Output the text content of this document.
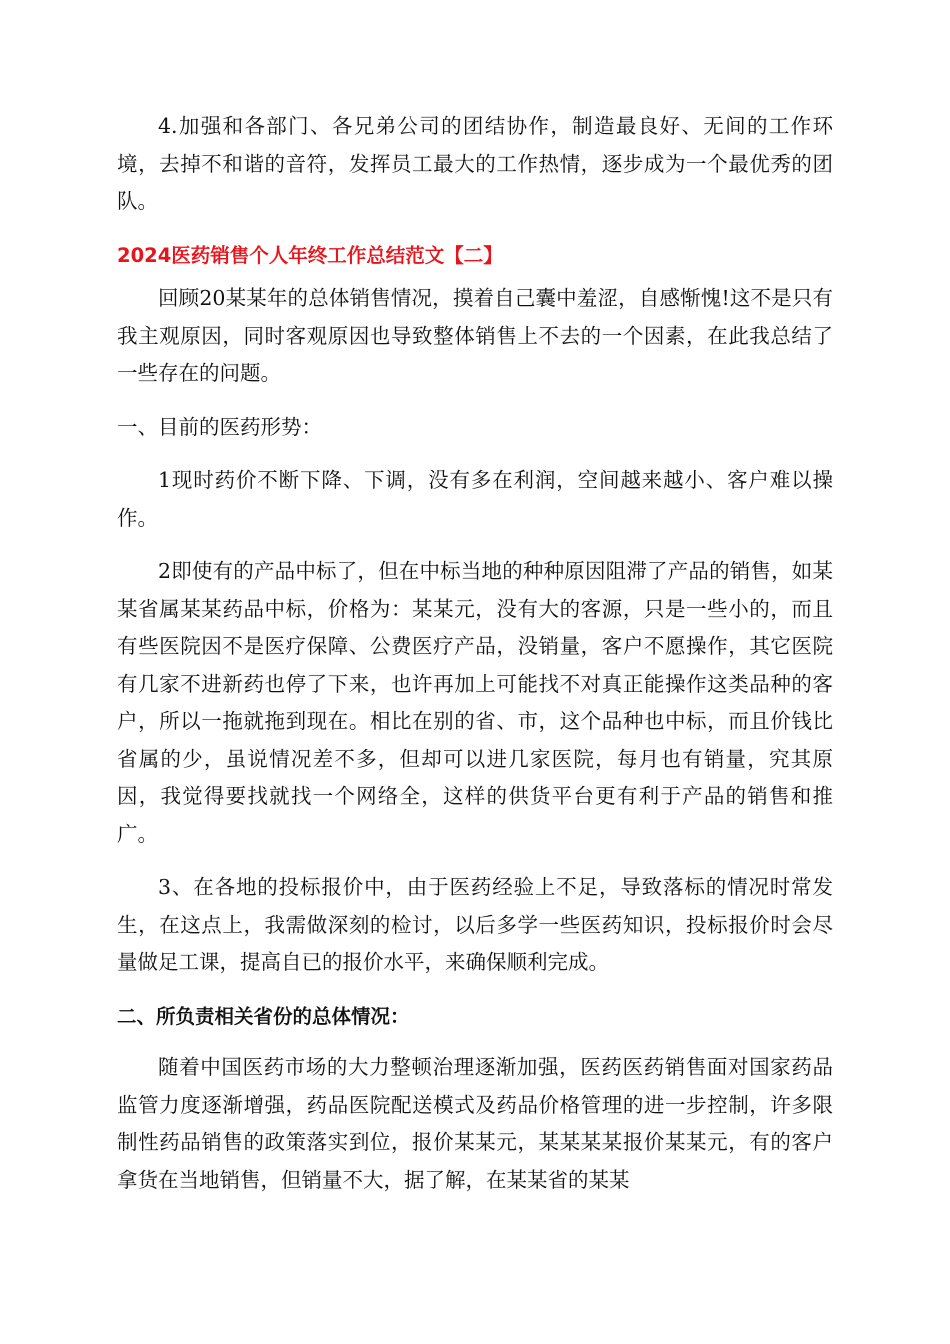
4.加强和各部门、各兄弟公司的团结协作，制造最良好、无间的工作环境，去掉不和谐的音符，发挥员工最大的工作热情，逐步成为一个最优秀的团队。

2024医药销售个人年终工作总结范文【二】

回顾20某某年的总体销售情况，摸着自己囊中羞涩，自感惭愧!这不是只有我主观原因，同时客观原因也导致整体销售上不去的一个因素，在此我总结了一些存在的问题。

一、目前的医药形势：

1现时药价不断下降、下调，没有多在利润，空间越来越小、客户难以操作。

2即使有的产品中标了，但在中标当地的种种原因阻滞了产品的销售，如某某省属某某药品中标，价格为：某某元，没有大的客源，只是一些小的，而且有些医院因不是医疗保障、公费医疗产品，没销量，客户不愿操作，其它医院有几家不进新药也停了下来，也许再加上可能找不对真正能操作这类品种的客户，所以一拖就拖到现在。相比在别的省、市，这个品种也中标，而且价钱比省属的少，虽说情况差不多，但却可以进几家医院，每月也有销量，究其原因，我觉得要找就找一个网络全，这样的供货平台更有利于产品的销售和推广。

3、在各地的投标报价中，由于医药经验上不足，导致落标的情况时常发生，在这点上，我需做深刻的检讨，以后多学一些医药知识，投标报价时会尽量做足工课，提高自已的报价水平，来确保顺利完成。

二、所负责相关省份的总体情况：

随着中国医药市场的大力整顿治理逐渐加强，医药医药销售面对国家药品监管力度逐渐增强，药品医院配送模式及药品价格管理的进一步控制，许多限制性药品销售的政策落实到位，报价某某元，某某某某报价某某元，有的客户拿货在当地销售，但销量不大，据了解，在某某省的某某
